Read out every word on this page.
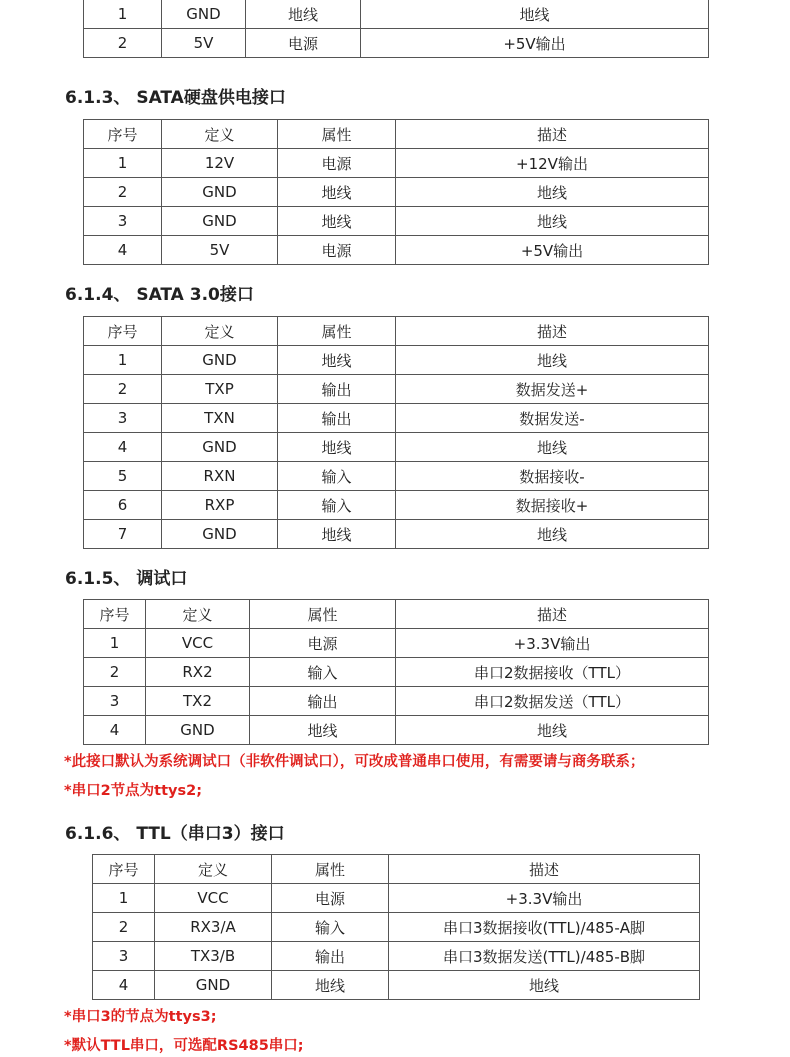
1	GND	地线	地线
2	5V	电源	+5V输出
6.1.3、 SATA硬盘供电接口
序号	定义	属性	描述
1	12V	电源	+12V输出
2	GND	地线	地线
3	GND	地线	地线
4	5V	电源	+5V输出
6.1.4、 SATA 3.0接口
序号	定义	属性	描述
1	GND	地线	地线
2	TXP	输出	数据发送+
3	TXN	输出	数据发送-
4	GND	地线	地线
5	RXN	输入	数据接收-
6	RXP	输入	数据接收+
7	GND	地线	地线
6.1.5、 调试口
序号	定义	属性	描述
1	VCC	电源	+3.3V输出
2	RX2	输入	串口2数据接收（TTL）
3	TX2	输出	串口2数据发送（TTL）
4	GND	地线	地线
*此接口默认为系统调试口（非软件调试口），可改成普通串口使用，有需要请与商务联系；
*串口2节点为ttys2;
6.1.6、 TTL（串口3）接口
序号	定义	属性	描述
1	VCC	电源	+3.3V输出
2	RX3/A	输入	串口3数据接收(TTL)/485-A脚
3	TX3/B	输出	串口3数据发送(TTL)/485-B脚
4	GND	地线	地线
*串口3的节点为ttys3;
*默认TTL串口，可选配RS485串口;
